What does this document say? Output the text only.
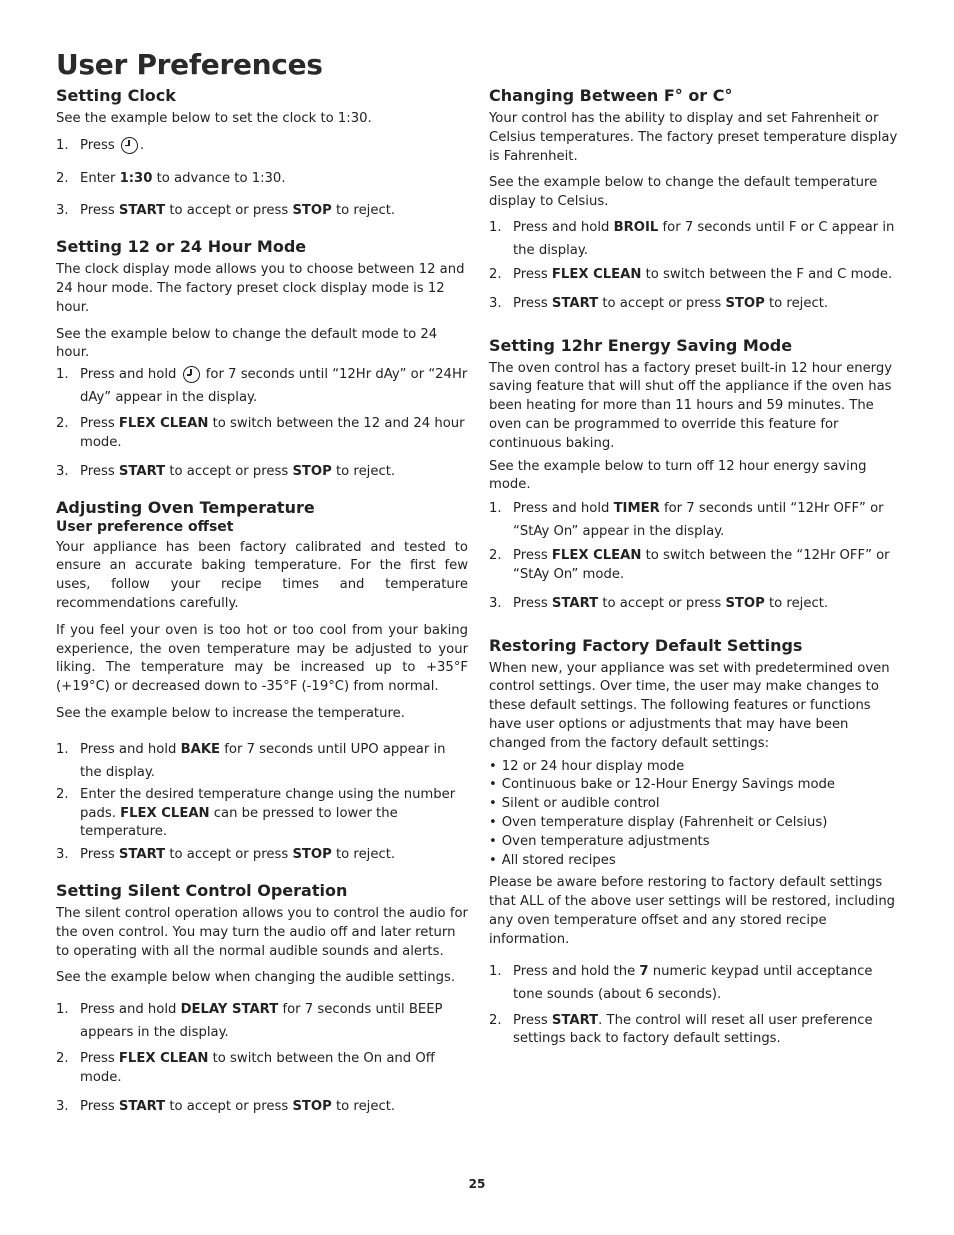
User Preferences
Setting Clock

See the example below to set the clock to 1:30.

1. Press .
2. Enter 1:30 to advance to 1:30.
3. Press START to accept or press STOP to reject.
Setting 12 or 24 Hour Mode

The clock display mode allows you to choose between 12 and 24 hour mode. The factory preset clock display mode is 12 hour.

See the example below to change the default mode to 24 hour.

1. Press and hold for 7 seconds until “12Hr dAy” or “24Hr dAy” appear in the display.
2. Press FLEX CLEAN to switch between the 12 and 24 hour mode.
3. Press START to accept or press STOP to reject.
Adjusting Oven Temperature
User preference offset

Your appliance has been factory calibrated and tested to ensure an accurate baking temperature. For the first few uses, follow your recipe times and temperature recommendations carefully.

If you feel your oven is too hot or too cool from your baking experience, the oven temperature may be adjusted to your liking. The temperature may be increased up to +35°F (+19°C) or decreased down to -35°F (-19°C) from normal.

See the example below to increase the temperature.

1. Press and hold BAKE for 7 seconds until UPO appear in the display.
2. Enter the desired temperature change using the number pads. FLEX CLEAN can be pressed to lower the temperature.
3. Press START to accept or press STOP to reject.
Setting Silent Control Operation

The silent control operation allows you to control the audio for the oven control. You may turn the audio off and later return to operating with all the normal audible sounds and alerts.

See the example below when changing the audible settings.

1. Press and hold DELAY START for 7 seconds until BEEP appears in the display.
2. Press FLEX CLEAN to switch between the On and Off mode.
3. Press START to accept or press STOP to reject.
Changing Between F° or C°

Your control has the ability to display and set Fahrenheit or Celsius temperatures. The factory preset temperature display is Fahrenheit.

See the example below to change the default temperature display to Celsius.

1. Press and hold BROIL for 7 seconds until F or C appear in the display.
2. Press FLEX CLEAN to switch between the F and C mode.
3. Press START to accept or press STOP to reject.
Setting 12hr Energy Saving Mode

The oven control has a factory preset built-in 12 hour energy saving feature that will shut off the appliance if the oven has been heating for more than 11 hours and 59 minutes. The oven can be programmed to override this feature for continuous baking.

See the example below to turn off 12 hour energy saving mode.

1. Press and hold TIMER for 7 seconds until “12Hr OFF” or “StAy On” appear in the display.
2. Press FLEX CLEAN to switch between the “12Hr OFF” or “StAy On” mode.
3. Press START to accept or press STOP to reject.
Restoring Factory Default Settings

When new, your appliance was set with predetermined oven control settings. Over time, the user may make changes to these default settings. The following features or functions have user options or adjustments that may have been changed from the factory default settings:

• 12 or 24 hour display mode
• Continuous bake or 12-Hour Energy Savings mode
• Silent or audible control
• Oven temperature display (Fahrenheit or Celsius)
• Oven temperature adjustments
• All stored recipes

Please be aware before restoring to factory default settings that ALL of the above user settings will be restored, including any oven temperature offset and any stored recipe information.

1. Press and hold the 7 numeric keypad until acceptance tone sounds (about 6 seconds).
2. Press START. The control will reset all user preference settings back to factory default settings.
25
